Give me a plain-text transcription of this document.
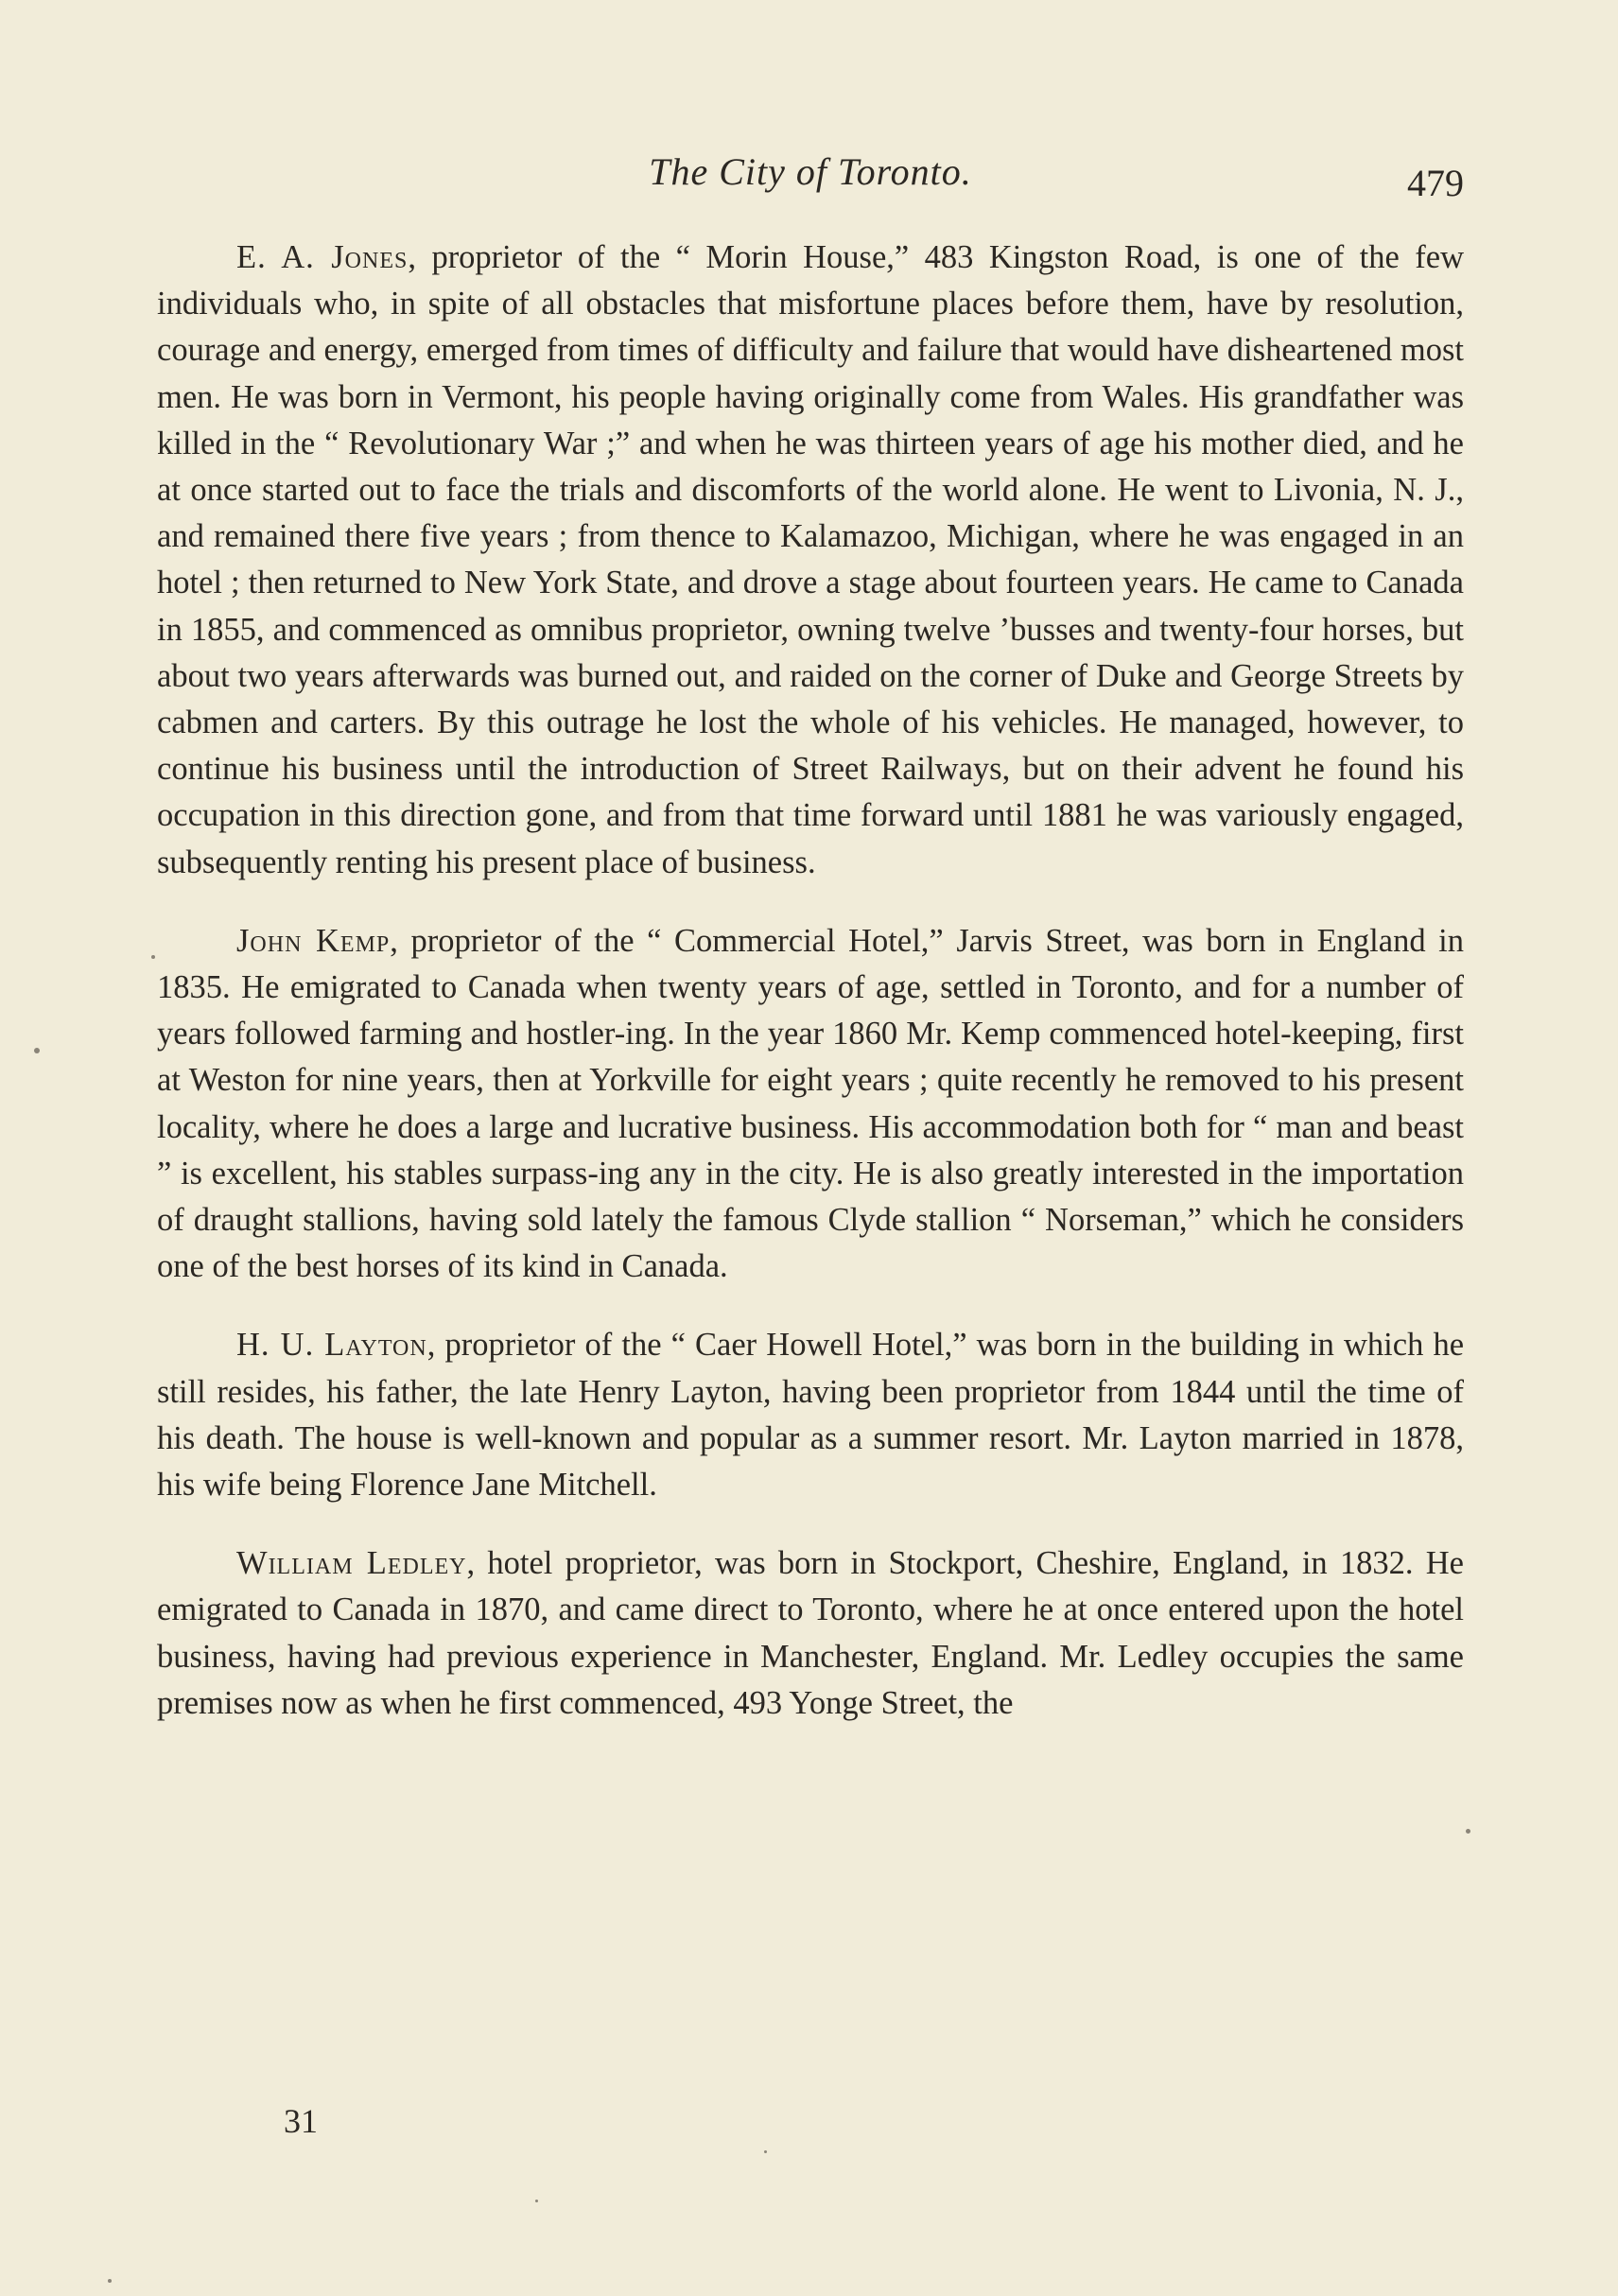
The City of Toronto.	479

E. A. Jones, proprietor of the “ Morin House,” 483 Kingston Road, is one of the few individuals who, in spite of all obstacles that misfortune places before them, have by resolution, courage and energy, emerged from times of difficulty and failure that would have disheartened most men. He was born in Vermont, his people having originally come from Wales. His grandfather was killed in the “ Revolutionary War ;” and when he was thirteen years of age his mother died, and he at once started out to face the trials and discomforts of the world alone. He went to Livonia, N. J., and remained there five years ; from thence to Kalamazoo, Michigan, where he was engaged in an hotel ; then returned to New York State, and drove a stage about fourteen years. He came to Canada in 1855, and commenced as omnibus proprietor, owning twelve ’busses and twenty-four horses, but about two years afterwards was burned out, and raided on the corner of Duke and George Streets by cabmen and carters. By this outrage he lost the whole of his vehicles. He managed, however, to continue his business until the introduction of Street Railways, but on their advent he found his occupation in this direction gone, and from that time forward until 1881 he was variously engaged, subsequently renting his present place of business.

John Kemp, proprietor of the “ Commercial Hotel,” Jarvis Street, was born in England in 1835. He emigrated to Canada when twenty years of age, settled in Toronto, and for a number of years followed farming and hostler-ing. In the year 1860 Mr. Kemp commenced hotel-keeping, first at Weston for nine years, then at Yorkville for eight years ; quite recently he removed to his present locality, where he does a large and lucrative business. His accommodation both for “ man and beast ” is excellent, his stables surpass-ing any in the city. He is also greatly interested in the importation of draught stallions, having sold lately the famous Clyde stallion “ Norseman,” which he considers one of the best horses of its kind in Canada.

H. U. Layton, proprietor of the “ Caer Howell Hotel,” was born in the building in which he still resides, his father, the late Henry Layton, having been proprietor from 1844 until the time of his death. The house is well-known and popular as a summer resort. Mr. Layton married in 1878, his wife being Florence Jane Mitchell.

William Ledley, hotel proprietor, was born in Stockport, Cheshire, England, in 1832. He emigrated to Canada in 1870, and came direct to Toronto, where he at once entered upon the hotel business, having had previous experience in Manchester, England. Mr. Ledley occupies the same premises now as when he first commenced, 493 Yonge Street, the

31
